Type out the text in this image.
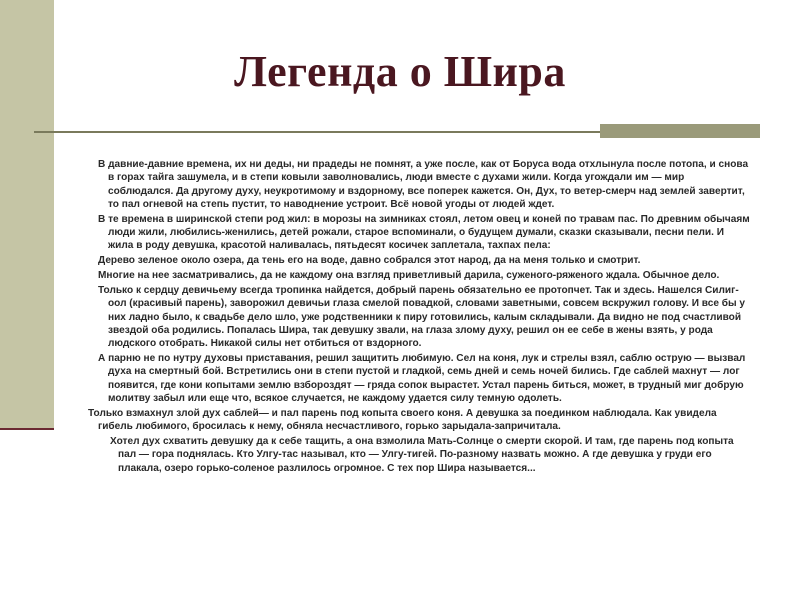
Легенда о Шира

В давние-давние времена, их ни деды, ни прадеды не помнят, а уже после, как от Боруса вода отхлынула после потопа, и снова в горах тайга зашумела, и в степи ковыли заволновались, люди вместе с духами жили. Когда угождали им — мир соблюдался. Да другому духу, неукротимому и вздорному, все поперек кажется. Он, Дух, то ветер-смерч над землей завертит, то пал огневой на степь пустит, то наводнение устроит. Всё новой угоды от людей ждет.

В те времена в ширинской степи род жил: в морозы на зимниках стоял, летом овец и коней по травам пас. По древним обычаям люди жили, любились-женились, детей рожали, старое вспоминали, о будущем думали, сказки сказывали, песни пели. И жила в роду девушка, красотой наливалась, пятьдесят косичек заплетала, тахпах пела:

Дерево зеленое около озера, да тень его на воде, давно собрался этот народ, да на меня только и смотрит.

Многие на нее засматривались, да не каждому она взгляд приветливый дарила, суженого-ряженого ждала. Обычное дело.

Только к сердцу девичьему всегда тропинка найдется, добрый парень обязательно ее протопчет. Так и здесь. Нашелся Силиг-оол (красивый парень), заворожил девичьи глаза смелой повадкой, словами заветными, совсем вскружил голову. И все бы у них ладно было, к свадьбе дело шло, уже родственники к пиру готовились, калым складывали. Да видно не под счастливой звездой оба родились. Попалась Шира, так девушку звали, на глаза злому духу, решил он ее себе в жены взять, у рода людского отобрать. Никакой силы нет отбиться от вздорного.

А парню не по нутру духовы приставания, решил защитить любимую. Сел на коня, лук и стрелы взял, саблю острую — вызвал духа на смертный бой. Встретились они в степи пустой и гладкой, семь дней и семь ночей бились. Где саблей махнут — лог появится, где кони копытами землю взбороздят — гряда сопок вырастет. Устал парень биться, может, в трудный миг добрую молитву забыл или еще что, всякое случается, не каждому удается силу темную одолеть.

Только взмахнул злой дух саблей— и пал парень под копыта своего коня. А девушка за поединком наблюдала. Как увидела гибель любимого, бросилась к нему, обняла несчастливого, горько зарыдала-запричитала.

Хотел дух схватить девушку да к себе тащить, а она взмолила Мать-Солнце о смерти скорой. И там, где парень под копыта пал — гора поднялась. Кто Улгу-тас называл, кто — Улгу-тигей. По-разному назвать можно. А где девушка у груди его плакала, озеро горько-соленое разлилось огромное. С тех пор Шира называется...
